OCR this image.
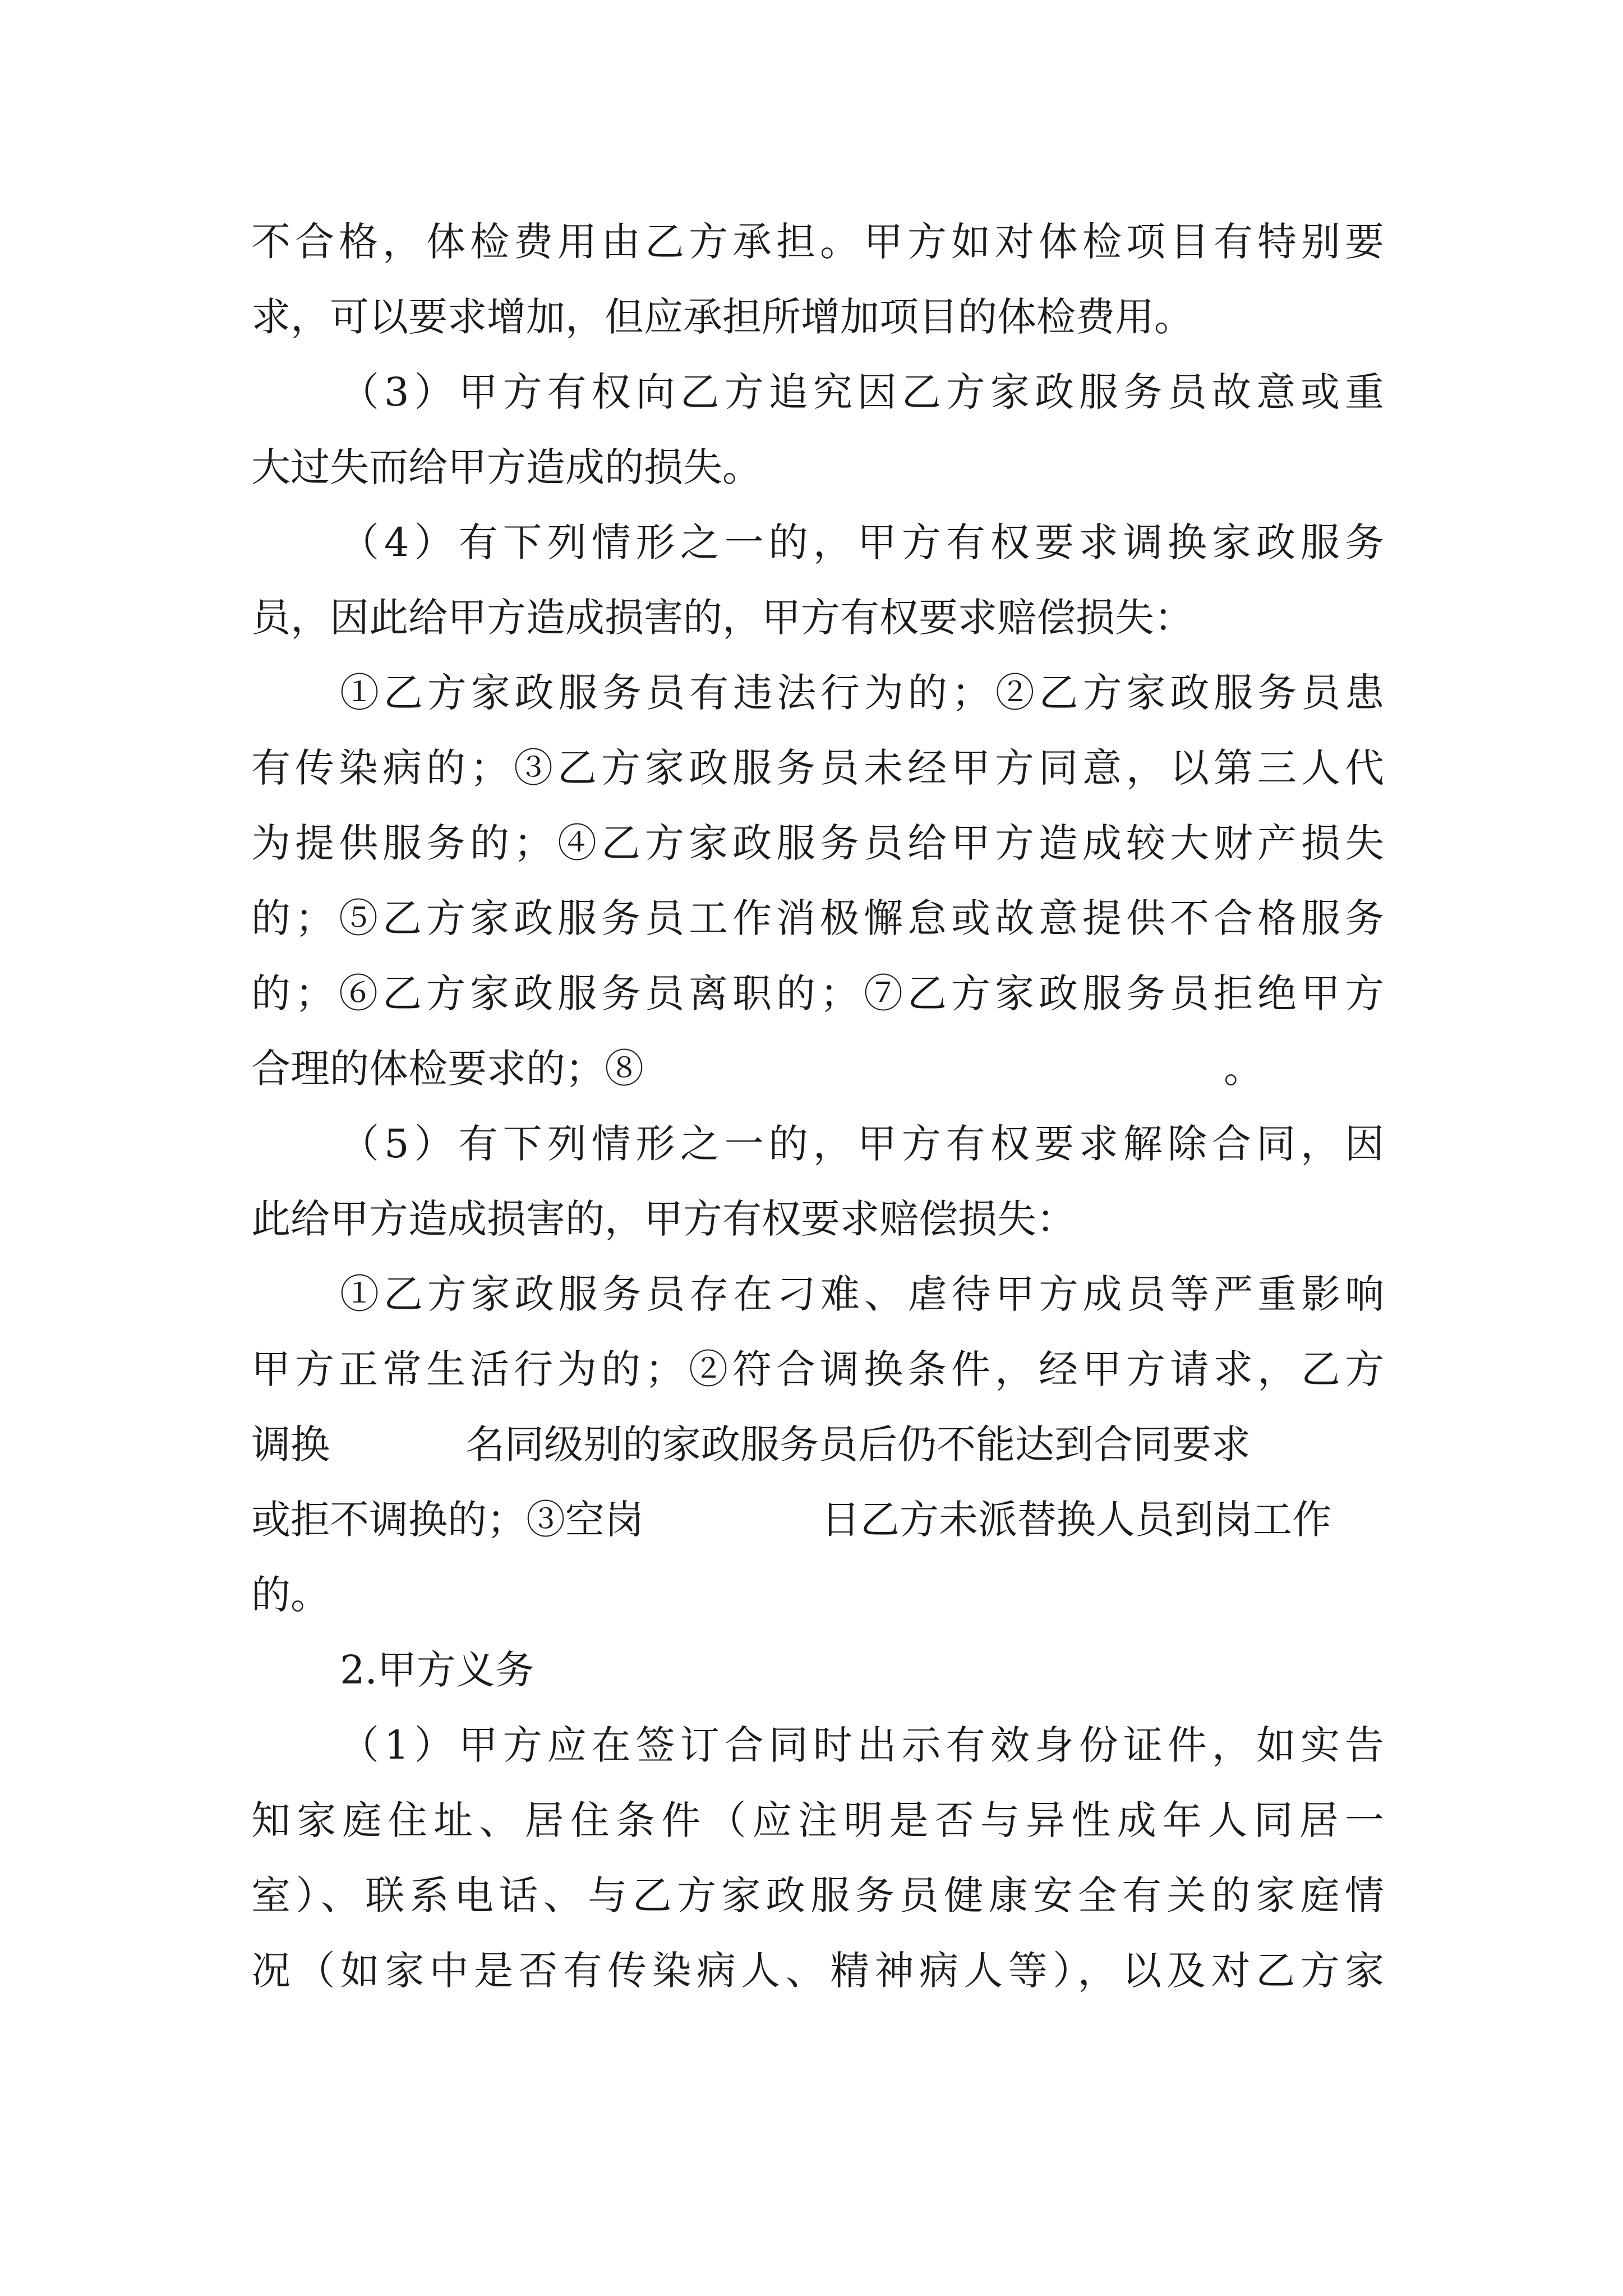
不合格，体检费用由乙方承担。甲方如对体检项目有特别要
求，可以要求增加，但应承担所增加项目的体检费用。
（3）甲方有权向乙方追究因乙方家政服务员故意或重
大过失而给甲方造成的损失。
（4）有下列情形之一的，甲方有权要求调换家政服务
员，因此给甲方造成损害的，甲方有权要求赔偿损失：
①乙方家政服务员有违法行为的；②乙方家政服务员患
有传染病的；③乙方家政服务员未经甲方同意，以第三人代
为提供服务的；④乙方家政服务员给甲方造成较大财产损失
的；⑤乙方家政服务员工作消极懈怠或故意提供不合格服务
的；⑥乙方家政服务员离职的；⑦乙方家政服务员拒绝甲方
合理的体检要求的；⑧	。
（5）有下列情形之一的，甲方有权要求解除合同，因
此给甲方造成损害的，甲方有权要求赔偿损失：
①乙方家政服务员存在刁难、虐待甲方成员等严重影响
甲方正常生活行为的；②符合调换条件，经甲方请求，乙方
调换	名同级别的家政服务员后仍不能达到合同要求
或拒不调换的；③空岗	日乙方未派替换人员到岗工作
的。
2.甲方义务
（1）甲方应在签订合同时出示有效身份证件，如实告
知家庭住址、居住条件（应注明是否与异性成年人同居一
室）、联系电话、与乙方家政服务员健康安全有关的家庭情
况（如家中是否有传染病人、精神病人等），以及对乙方家
